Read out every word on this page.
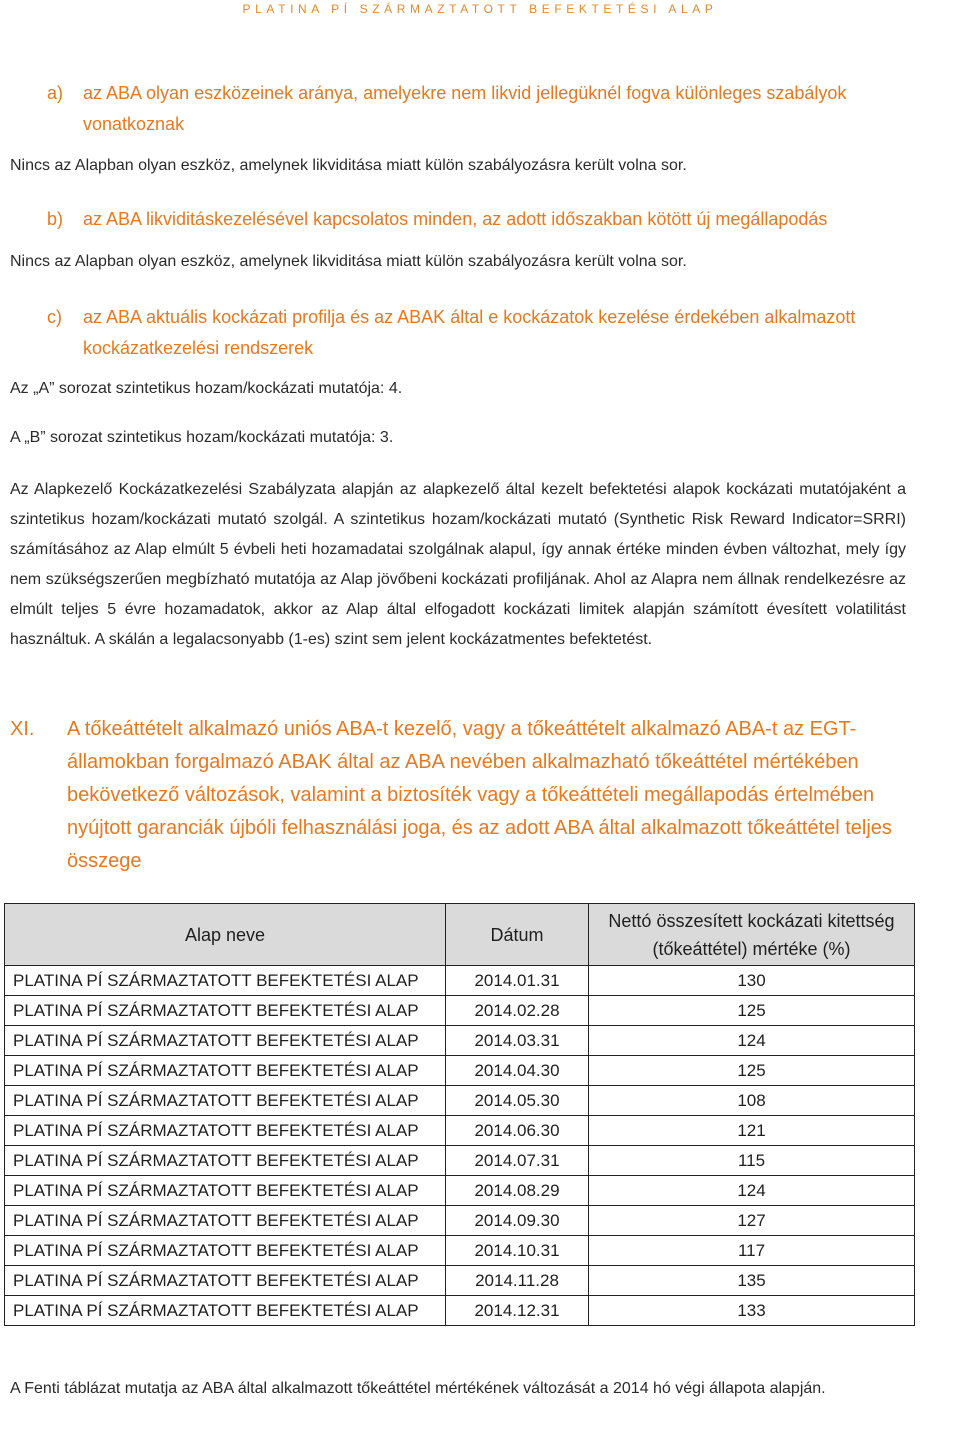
PLATINA PÍ SZÁRMAZTATOTT BEFEKTETÉSI ALAP
a) az ABA olyan eszközeinek aránya, amelyekre nem likvid jellegüknél fogva különleges szabályok vonatkoznak
Nincs az Alapban olyan eszköz, amelynek likviditása miatt külön szabályozásra került volna sor.
b) az ABA likviditáskezelésével kapcsolatos minden, az adott időszakban kötött új megállapodás
Nincs az Alapban olyan eszköz, amelynek likviditása miatt külön szabályozásra került volna sor.
c) az ABA aktuális kockázati profilja és az ABAK által e kockázatok kezelése érdekében alkalmazott kockázatkezelési rendszerek
Az „A” sorozat szintetikus hozam/kockázati mutatója: 4.
A „B” sorozat szintetikus hozam/kockázati mutatója: 3.
Az Alapkezelő Kockázatkezelési Szabályzata alapján az alapkezelő által kezelt befektetési alapok kockázati mutatójaként a szintetikus hozam/kockázati mutató szolgál. A szintetikus hozam/kockázati mutató (Synthetic Risk Reward Indicator=SRRI) számításához az Alap elmúlt 5 évbeli heti hozamadatai szolgálnak alapul, így annak értéke minden évben változhat, mely így nem szükségszerűen megbízható mutatója az Alap jövőbeni kockázati profiljának. Ahol az Alapra nem állnak rendelkezésre az elmúlt teljes 5 évre hozamadatok, akkor az Alap által elfogadott kockázati limitek alapján számított évesített volatilitást használtuk. A skálán a legalacsonyabb (1-es) szint sem jelent kockázatmentes befektetést.
XI. A tőkeáttételt alkalmazó uniós ABA-t kezelő, vagy a tőkeáttételt alkalmazó ABA-t az EGT-államokban forgalmazó ABAK által az ABA nevében alkalmazható tőkeáttétel mértékében bekövetkező változások, valamint a biztosíték vagy a tőkeáttételi megállapodás értelmében nyújtott garanciák újbóli felhasználási joga, és az adott ABA által alkalmazott tőkeáttétel teljes összege
Alap neve	Dátum	Nettó összesített kockázati kitettség (tőkeáttétel) mértéke (%)
PLATINA PÍ SZÁRMAZTATOTT BEFEKTETÉSI ALAP	2014.01.31	130
PLATINA PÍ SZÁRMAZTATOTT BEFEKTETÉSI ALAP	2014.02.28	125
PLATINA PÍ SZÁRMAZTATOTT BEFEKTETÉSI ALAP	2014.03.31	124
PLATINA PÍ SZÁRMAZTATOTT BEFEKTETÉSI ALAP	2014.04.30	125
PLATINA PÍ SZÁRMAZTATOTT BEFEKTETÉSI ALAP	2014.05.30	108
PLATINA PÍ SZÁRMAZTATOTT BEFEKTETÉSI ALAP	2014.06.30	121
PLATINA PÍ SZÁRMAZTATOTT BEFEKTETÉSI ALAP	2014.07.31	115
PLATINA PÍ SZÁRMAZTATOTT BEFEKTETÉSI ALAP	2014.08.29	124
PLATINA PÍ SZÁRMAZTATOTT BEFEKTETÉSI ALAP	2014.09.30	127
PLATINA PÍ SZÁRMAZTATOTT BEFEKTETÉSI ALAP	2014.10.31	117
PLATINA PÍ SZÁRMAZTATOTT BEFEKTETÉSI ALAP	2014.11.28	135
PLATINA PÍ SZÁRMAZTATOTT BEFEKTETÉSI ALAP	2014.12.31	133
A Fenti táblázat mutatja az ABA által alkalmazott tőkeáttétel mértékének változását a 2014 hó végi állapota alapján.
